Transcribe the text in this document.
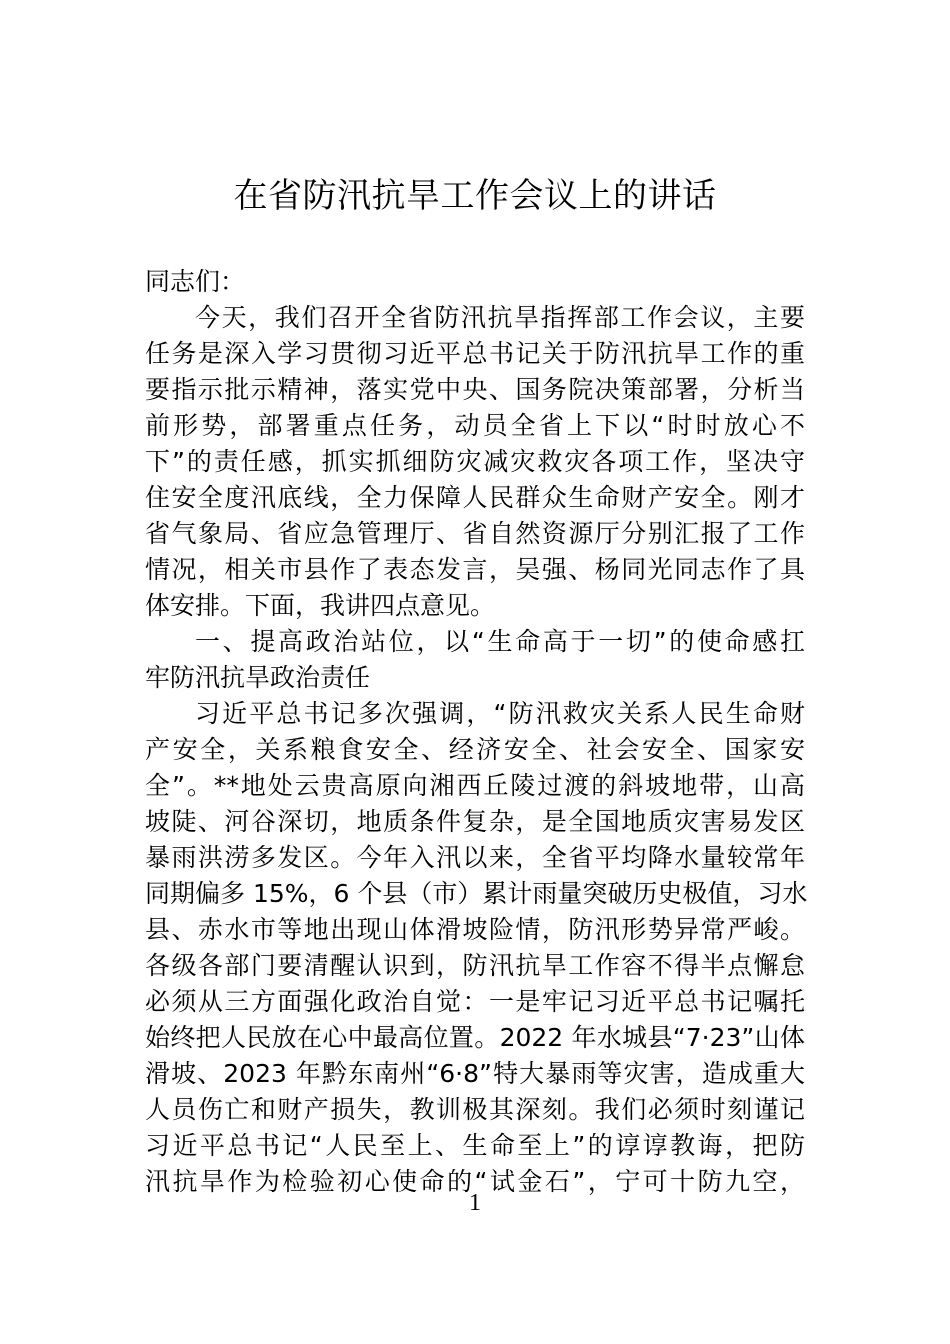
在省防汛抗旱工作会议上的讲话
同志们：
今天，我们召开全省防汛抗旱指挥部工作会议，主要
任务是深入学习贯彻习近平总书记关于防汛抗旱工作的重
要指示批示精神，落实党中央、国务院决策部署，分析当
前形势，部署重点任务，动员全省上下以“时时放心不
下”的责任感，抓实抓细防灾减灾救灾各项工作，坚决守
住安全度汛底线，全力保障人民群众生命财产安全。刚才
省气象局、省应急管理厅、省自然资源厅分别汇报了工作
情况，相关市县作了表态发言，吴强、杨同光同志作了具
体安排。下面，我讲四点意见。
一、提高政治站位，以“生命高于一切”的使命感扛
牢防汛抗旱政治责任
习近平总书记多次强调，“防汛救灾关系人民生命财
产安全，关系粮食安全、经济安全、社会安全、国家安
全”。**地处云贵高原向湘西丘陵过渡的斜坡地带，山高
坡陡、河谷深切，地质条件复杂，是全国地质灾害易发区
暴雨洪涝多发区。今年入汛以来，全省平均降水量较常年
同期偏多 15%，6 个县（市）累计雨量突破历史极值，习水
县、赤水市等地出现山体滑坡险情，防汛形势异常严峻。
各级各部门要清醒认识到，防汛抗旱工作容不得半点懈怠
必须从三方面强化政治自觉：一是牢记习近平总书记嘱托
始终把人民放在心中最高位置。2022 年水城县“7·23”山体
滑坡、2023 年黔东南州“6·8”特大暴雨等灾害，造成重大
人员伤亡和财产损失，教训极其深刻。我们必须时刻谨记
习近平总书记“人民至上、生命至上”的谆谆教诲，把防
汛抗旱作为检验初心使命的“试金石”，宁可十防九空，
1
